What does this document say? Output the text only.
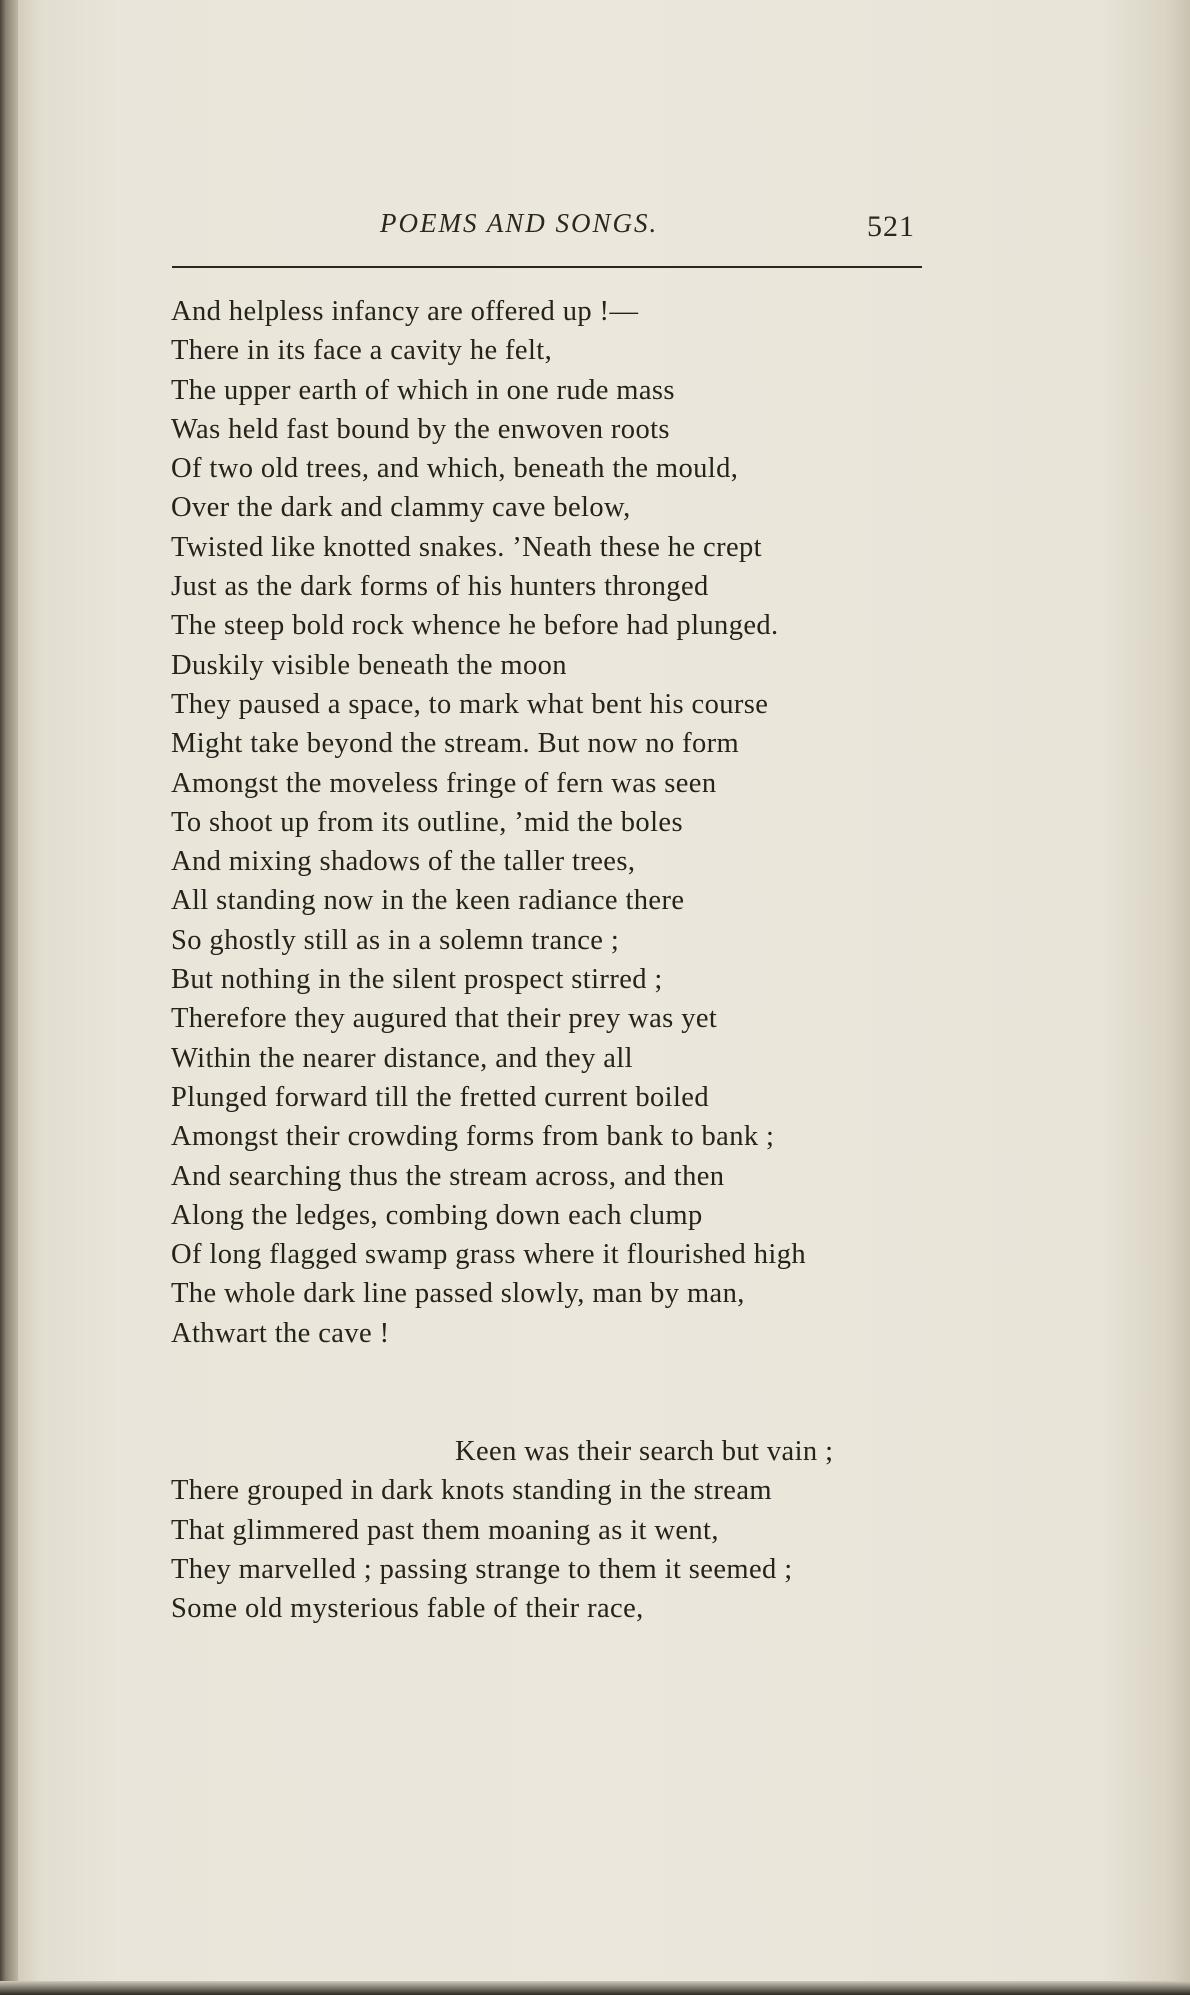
POEMS AND SONGS.	521
And helpless infancy are offered up !—
There in its face a cavity he felt,
The upper earth of which in one rude mass
Was held fast bound by the enwoven roots
Of two old trees, and which, beneath the mould,
Over the dark and clammy cave below,
Twisted like knotted snakes. ’Neath these he crept
Just as the dark forms of his hunters thronged
The steep bold rock whence he before had plunged.
Duskily visible beneath the moon
They paused a space, to mark what bent his course
Might take beyond the stream. But now no form
Amongst the moveless fringe of fern was seen
To shoot up from its outline, ’mid the boles
And mixing shadows of the taller trees,
All standing now in the keen radiance there
So ghostly still as in a solemn trance ;
But nothing in the silent prospect stirred ;
Therefore they augured that their prey was yet
Within the nearer distance, and they all
Plunged forward till the fretted current boiled
Amongst their crowding forms from bank to bank ;
And searching thus the stream across, and then
Along the ledges, combing down each clump
Of long flagged swamp grass where it flourished high
The whole dark line passed slowly, man by man,
Athwart the cave !
Keen was their search but vain ;
There grouped in dark knots standing in the stream
That glimmered past them moaning as it went,
They marvelled ; passing strange to them it seemed ;
Some old mysterious fable of their race,
